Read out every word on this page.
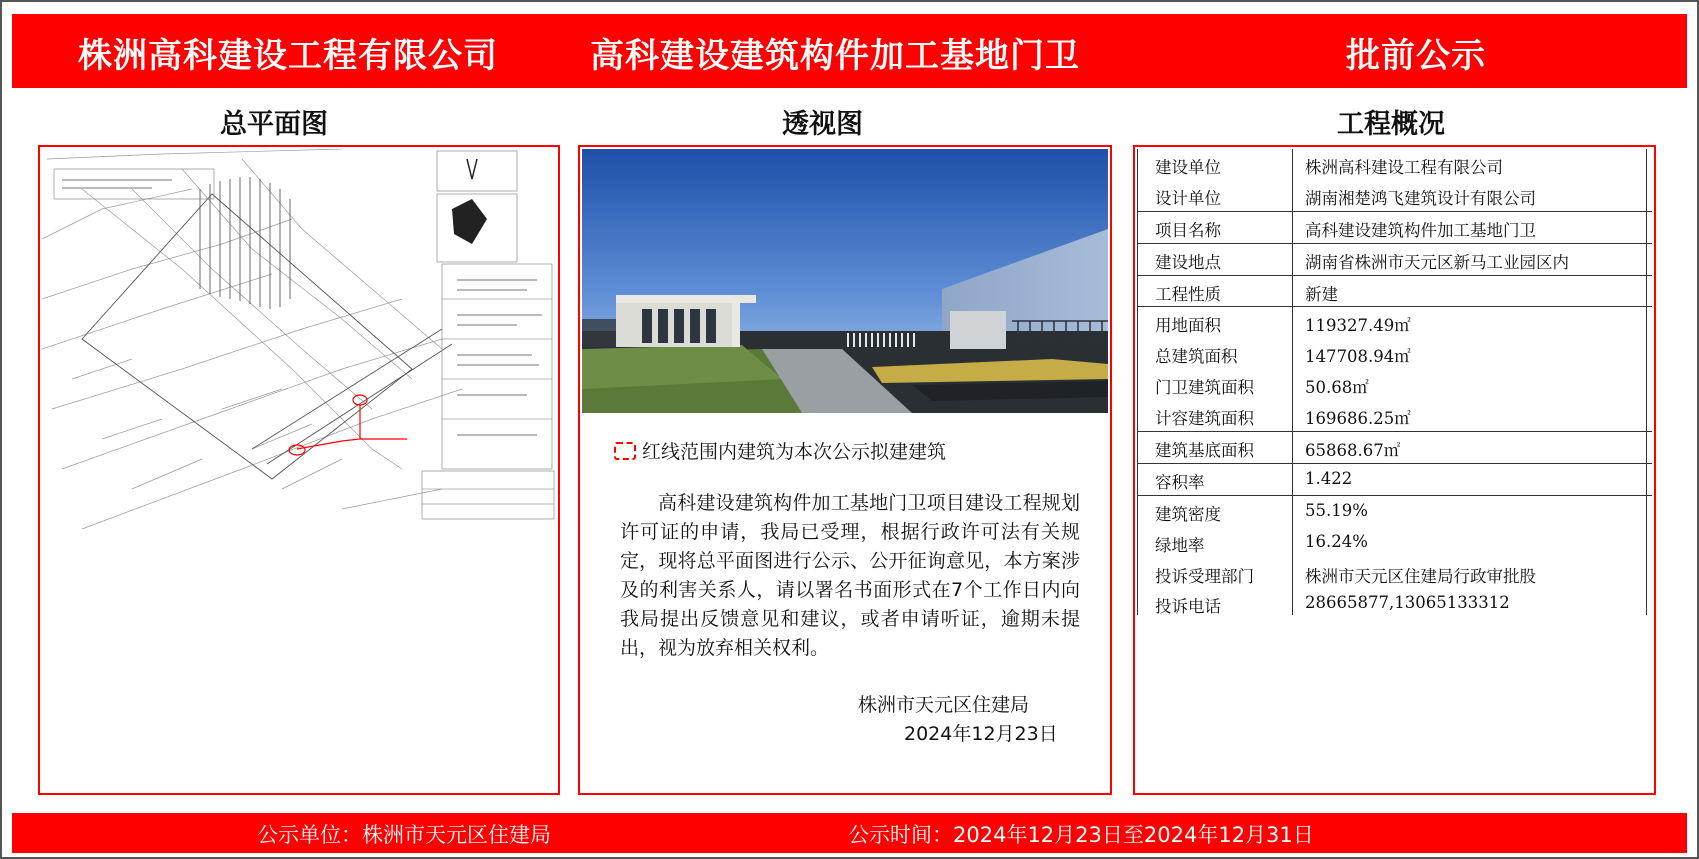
株洲高科建设工程有限公司	高科建设建筑构件加工基地门卫	批前公示
总平面图	透视图	工程概况
红线范围内建筑为本次公示拟建建筑
高科建设建筑构件加工基地门卫项目建设工程规划许可证的申请，我局已受理，根据行政许可法有关规定，现将总平面图进行公示、公开征询意见，本方案涉及的利害关系人，请以署名书面形式在7个工作日内向我局提出反馈意见和建议，或者申请听证，逾期未提出，视为放弃相关权利。
株洲市天元区住建局
2024年12月23日
建设单位	株洲高科建设工程有限公司
设计单位	湖南湘楚鸿飞建筑设计有限公司
项目名称	高科建设建筑构件加工基地门卫
建设地点	湖南省株洲市天元区新马工业园区内
工程性质	新建
用地面积	119327.49㎡
总建筑面积	147708.94㎡
门卫建筑面积	50.68㎡
计容建筑面积	169686.25㎡
建筑基底面积	65868.67㎡
容积率	1.422
建筑密度	55.19%
绿地率	16.24%
投诉受理部门	株洲市天元区住建局行政审批股
投诉电话	28665877,13065133312
公示单位：株洲市天元区住建局	公示时间：2024年12月23日至2024年12月31日
